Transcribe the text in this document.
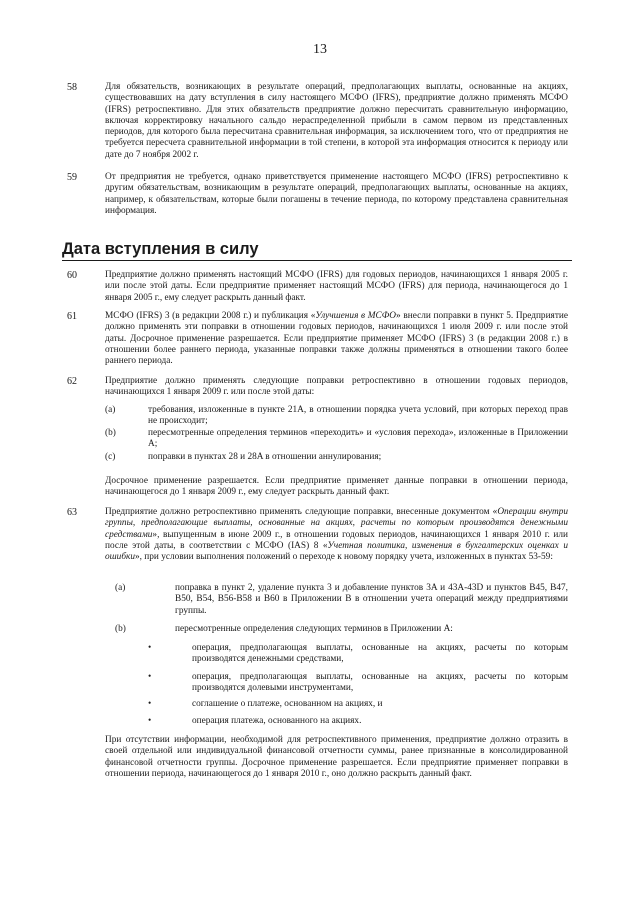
13
58	Для обязательств, возникающих в результате операций, предполагающих выплаты, основанные на акциях, существовавших на дату вступления в силу настоящего МСФО (IFRS), предприятие должно применять МСФО (IFRS) ретроспективно. Для этих обязательств предприятие должно пересчитать сравнительную информацию, включая корректировку начального сальдо нераспределенной прибыли в самом первом из представленных периодов, для которого была пересчитана сравнительная информация, за исключением того, что от предприятия не требуется пересчета сравнительной информации в той степени, в которой эта информация относится к периоду или дате до 7 ноября 2002 г.
59	От предприятия не требуется, однако приветствуется применение настоящего МСФО (IFRS) ретроспективно к другим обязательствам, возникающим в результате операций, предполагающих выплаты, основанные на акциях, например, к обязательствам, которые были погашены в течение периода, по которому представлена сравнительная информация.
Дата вступления в силу
60	Предприятие должно применять настоящий МСФО (IFRS) для годовых периодов, начинающихся 1 января 2005 г. или после этой даты. Если предприятие применяет настоящий МСФО (IFRS) для периода, начинающегося до 1 января 2005 г., ему следует раскрыть данный факт.
61	МСФО (IFRS) 3 (в редакции 2008 г.) и публикация «Улучшения в МСФО» внесли поправки в пункт 5. Предприятие должно применять эти поправки в отношении годовых периодов, начинающихся 1 июля 2009 г. или после этой даты. Досрочное применение разрешается. Если предприятие применяет МСФО (IFRS) 3 (в редакции 2008 г.) в отношении более раннего периода, указанные поправки также должны применяться в отношении такого более раннего периода.
62	Предприятие должно применять следующие поправки ретроспективно в отношении годовых периодов, начинающихся 1 января 2009 г. или после этой даты:
(a)	требования, изложенные в пункте 21A, в отношении порядка учета условий, при которых переход прав не происходит;
(b)	пересмотренные определения терминов «переходить» и «условия перехода», изложенные в Приложении A;
(c)	поправки в пунктах 28 и 28A в отношении аннулирования;
Досрочное применение разрешается. Если предприятие применяет данные поправки в отношении периода, начинающегося до 1 января 2009 г., ему следует раскрыть данный факт.
63	Предприятие должно ретроспективно применять следующие поправки, внесенные документом «Операции внутри группы, предполагающие выплаты, основанные на акциях, расчеты по которым производятся денежными средствами», выпущенным в июне 2009 г., в отношении годовых периодов, начинающихся 1 января 2010 г. или после этой даты, в соответствии с МСФО (IAS) 8 «Учетная политика, изменения в бухгалтерских оценках и ошибки», при условии выполнения положений о переходе к новому порядку учета, изложенных в пунктах 53-59:
(a)	поправка в пункт 2, удаление пункта 3 и добавление пунктов 3A и 43A-43D и пунктов B45, B47, B50, B54, B56-B58 и B60 в Приложении B в отношении учета операций между предприятиями группы.
(b)	пересмотренные определения следующих терминов в Приложении A:
•	операция, предполагающая выплаты, основанные на акциях, расчеты по которым производятся денежными средствами,
•	операция, предполагающая выплаты, основанные на акциях, расчеты по которым производятся долевыми инструментами,
•	соглашение о платеже, основанном на акциях, и
•	операция платежа, основанного на акциях.
При отсутствии информации, необходимой для ретроспективного применения, предприятие должно отразить в своей отдельной или индивидуальной финансовой отчетности суммы, ранее признанные в консолидированной финансовой отчетности группы. Досрочное применение разрешается. Если предприятие применяет поправки в отношении периода, начинающегося до 1 января 2010 г., оно должно раскрыть данный факт.
